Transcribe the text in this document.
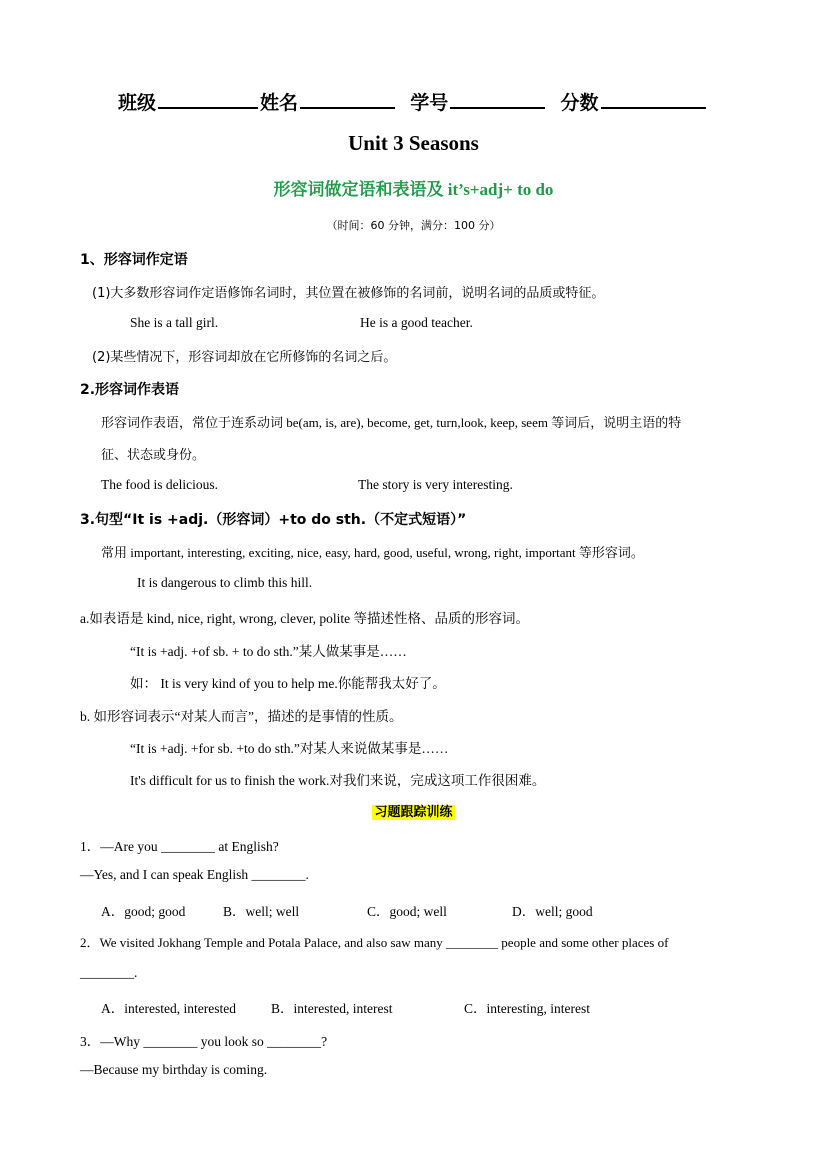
班级	姓名	学号	分数
Unit 3 Seasons
形容词做定语和表语及 it’s+adj+ to do
（时间：60 分钟，满分：100 分）
1、形容词作定语
(1)大多数形容词作定语修饰名词时，其位置在被修饰的名词前，说明名词的品质或特征。
She is a tall girl.	He is a good teacher.
(2)某些情况下，形容词却放在它所修饰的名词之后。
2.形容词作表语
形容词作表语，常位于连系动词 be(am, is, are), become, get, turn,look, keep, seem 等词后，说明主语的特
征、状态或身份。
The food is delicious.	The story is very interesting.
3.句型“It is +adj.（形容词）+to do sth.（不定式短语）”
常用 important, interesting, exciting, nice, easy, hard, good, useful, wrong, right, important 等形容词。
It is dangerous to climb this hill.
a.如表语是 kind, nice, right, wrong, clever, polite 等描述性格、品质的形容词。
“It is +adj. +of sb. + to do sth.”某人做某事是……
如： It is very kind of you to help me.你能帮我太好了。
b. 如形容词表示“对某人而言”，描述的是事情的性质。
“It is +adj. +for sb. +to do sth.”对某人来说做某事是……
It's difficult for us to finish the work.对我们来说，完成这项工作很困难。
习题跟踪训练
1．—Are you ________ at English?
—Yes, and I can speak English ________.
A．good; good	B．well; well	C．good; well	D．well; good
2．We visited Jokhang Temple and Potala Palace, and also saw many ________ people and some other places of
________.
A．interested, interested	B．interested, interest	C．interesting, interest
3．—Why ________ you look so ________?
—Because my birthday is coming.
